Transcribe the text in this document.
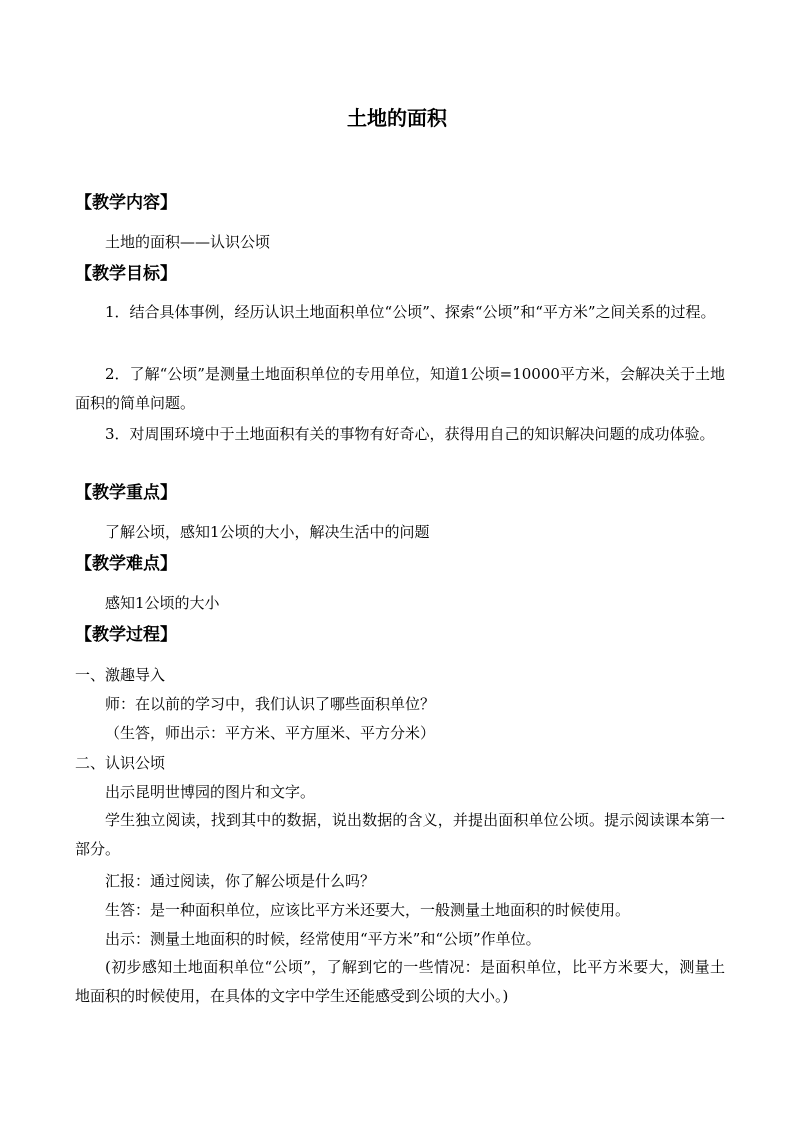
土地的面积
【教学内容】
土地的面积——认识公顷
【教学目标】
1．结合具体事例，经历认识土地面积单位“公顷”、探索“公顷”和“平方米”之间关系的过程。
2．了解“公顷”是测量土地面积单位的专用单位，知道1公顷=10000平方米，会解决关于土地面积的简单问题。
3．对周围环境中于土地面积有关的事物有好奇心，获得用自己的知识解决问题的成功体验。
【教学重点】
了解公顷，感知1公顷的大小，解决生活中的问题
【教学难点】
感知1公顷的大小
【教学过程】
一、激趣导入
师：在以前的学习中，我们认识了哪些面积单位？
（生答，师出示：平方米、平方厘米、平方分米）
二、认识公顷
出示昆明世博园的图片和文字。
学生独立阅读，找到其中的数据，说出数据的含义，并提出面积单位公顷。提示阅读课本第一部分。
汇报：通过阅读，你了解公顷是什么吗？
生答：是一种面积单位，应该比平方米还要大，一般测量土地面积的时候使用。
出示：测量土地面积的时候，经常使用“平方米”和“公顷”作单位。
(初步感知土地面积单位“公顷”，了解到它的一些情况：是面积单位，比平方米要大，测量土地面积的时候使用，在具体的文字中学生还能感受到公顷的大小。)
